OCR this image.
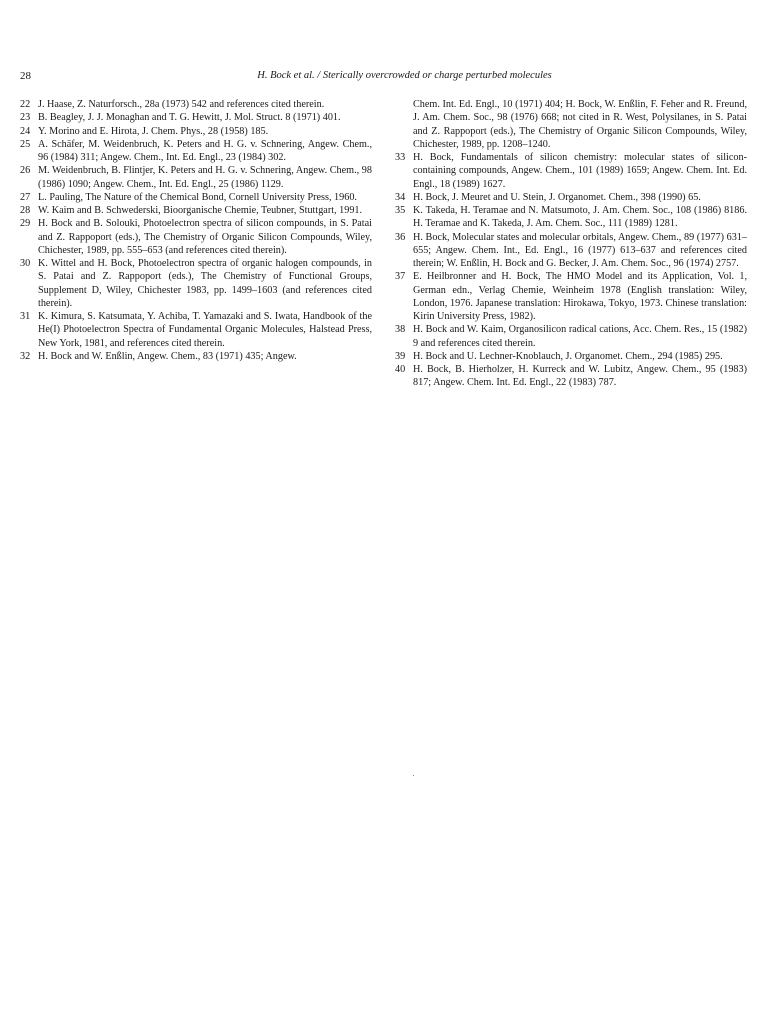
28	H. Bock et al. / Sterically overcrowded or charge perturbed molecules
22 J. Haase, Z. Naturforsch., 28a (1973) 542 and references cited therein.
23 B. Beagley, J. J. Monaghan and T. G. Hewitt, J. Mol. Struct. 8 (1971) 401.
24 Y. Morino and E. Hirota, J. Chem. Phys., 28 (1958) 185.
25 A. Schäfer, M. Weidenbruch, K. Peters and H. G. v. Schnering, Angew. Chem., 96 (1984) 311; Angew. Chem., Int. Ed. Engl., 23 (1984) 302.
26 M. Weidenbruch, B. Flintjer, K. Peters and H. G. v. Schnering, Angew. Chem., 98 (1986) 1090; Angew. Chem., Int. Ed. Engl., 25 (1986) 1129.
27 L. Pauling, The Nature of the Chemical Bond, Cornell University Press, 1960.
28 W. Kaim and B. Schwederski, Bioorganische Chemie, Teubner, Stuttgart, 1991.
29 H. Bock and B. Solouki, Photoelectron spectra of silicon compounds, in S. Patai and Z. Rappoport (eds.), The Chemistry of Organic Silicon Compounds, Wiley, Chichester, 1989, pp. 555–653 (and references cited therein).
30 K. Wittel and H. Bock, Photoelectron spectra of organic halogen compounds, in S. Patai and Z. Rappoport (eds.), The Chemistry of Functional Groups, Supplement D, Wiley, Chichester 1983, pp. 1499–1603 (and references cited therein).
31 K. Kimura, S. Katsumata, Y. Achiba, T. Yamazaki and S. Iwata, Handbook of the He(I) Photoelectron Spectra of Fundamental Organic Molecules, Halstead Press, New York, 1981, and references cited therein.
32 H. Bock and W. Enßlin, Angew. Chem., 83 (1971) 435; Angew.
Chem. Int. Ed. Engl., 10 (1971) 404; H. Bock, W. Enßlin, F. Feher and R. Freund, J. Am. Chem. Soc., 98 (1976) 668; not cited in R. West, Polysilanes, in S. Patai and Z. Rappoport (eds.), The Chemistry of Organic Silicon Compounds, Wiley, Chichester, 1989, pp. 1208–1240.
33 H. Bock, Fundamentals of silicon chemistry: molecular states of silicon-containing compounds, Angew. Chem., 101 (1989) 1659; Angew. Chem. Int. Ed. Engl., 18 (1989) 1627.
34 H. Bock, J. Meuret and U. Stein, J. Organomet. Chem., 398 (1990) 65.
35 K. Takeda, H. Teramae and N. Matsumoto, J. Am. Chem. Soc., 108 (1986) 8186. H. Teramae and K. Takeda, J. Am. Chem. Soc., 111 (1989) 1281.
36 H. Bock, Molecular states and molecular orbitals, Angew. Chem., 89 (1977) 631–655; Angew. Chem. Int., Ed. Engl., 16 (1977) 613–637 and references cited therein; W. Enßlin, H. Bock and G. Becker, J. Am. Chem. Soc., 96 (1974) 2757.
37 E. Heilbronner and H. Bock, The HMO Model and its Application, Vol. 1, German edn., Verlag Chemie, Weinheim 1978 (English translation: Wiley, London, 1976. Japanese translation: Hirokawa, Tokyo, 1973. Chinese translation: Kirin University Press, 1982).
38 H. Bock and W. Kaim, Organosilicon radical cations, Acc. Chem. Res., 15 (1982) 9 and references cited therein.
39 H. Bock and U. Lechner-Knoblauch, J. Organomet. Chem., 294 (1985) 295.
40 H. Bock, B. Hierholzer, H. Kurreck and W. Lubitz, Angew. Chem., 95 (1983) 817; Angew. Chem. Int. Ed. Engl., 22 (1983) 787.
